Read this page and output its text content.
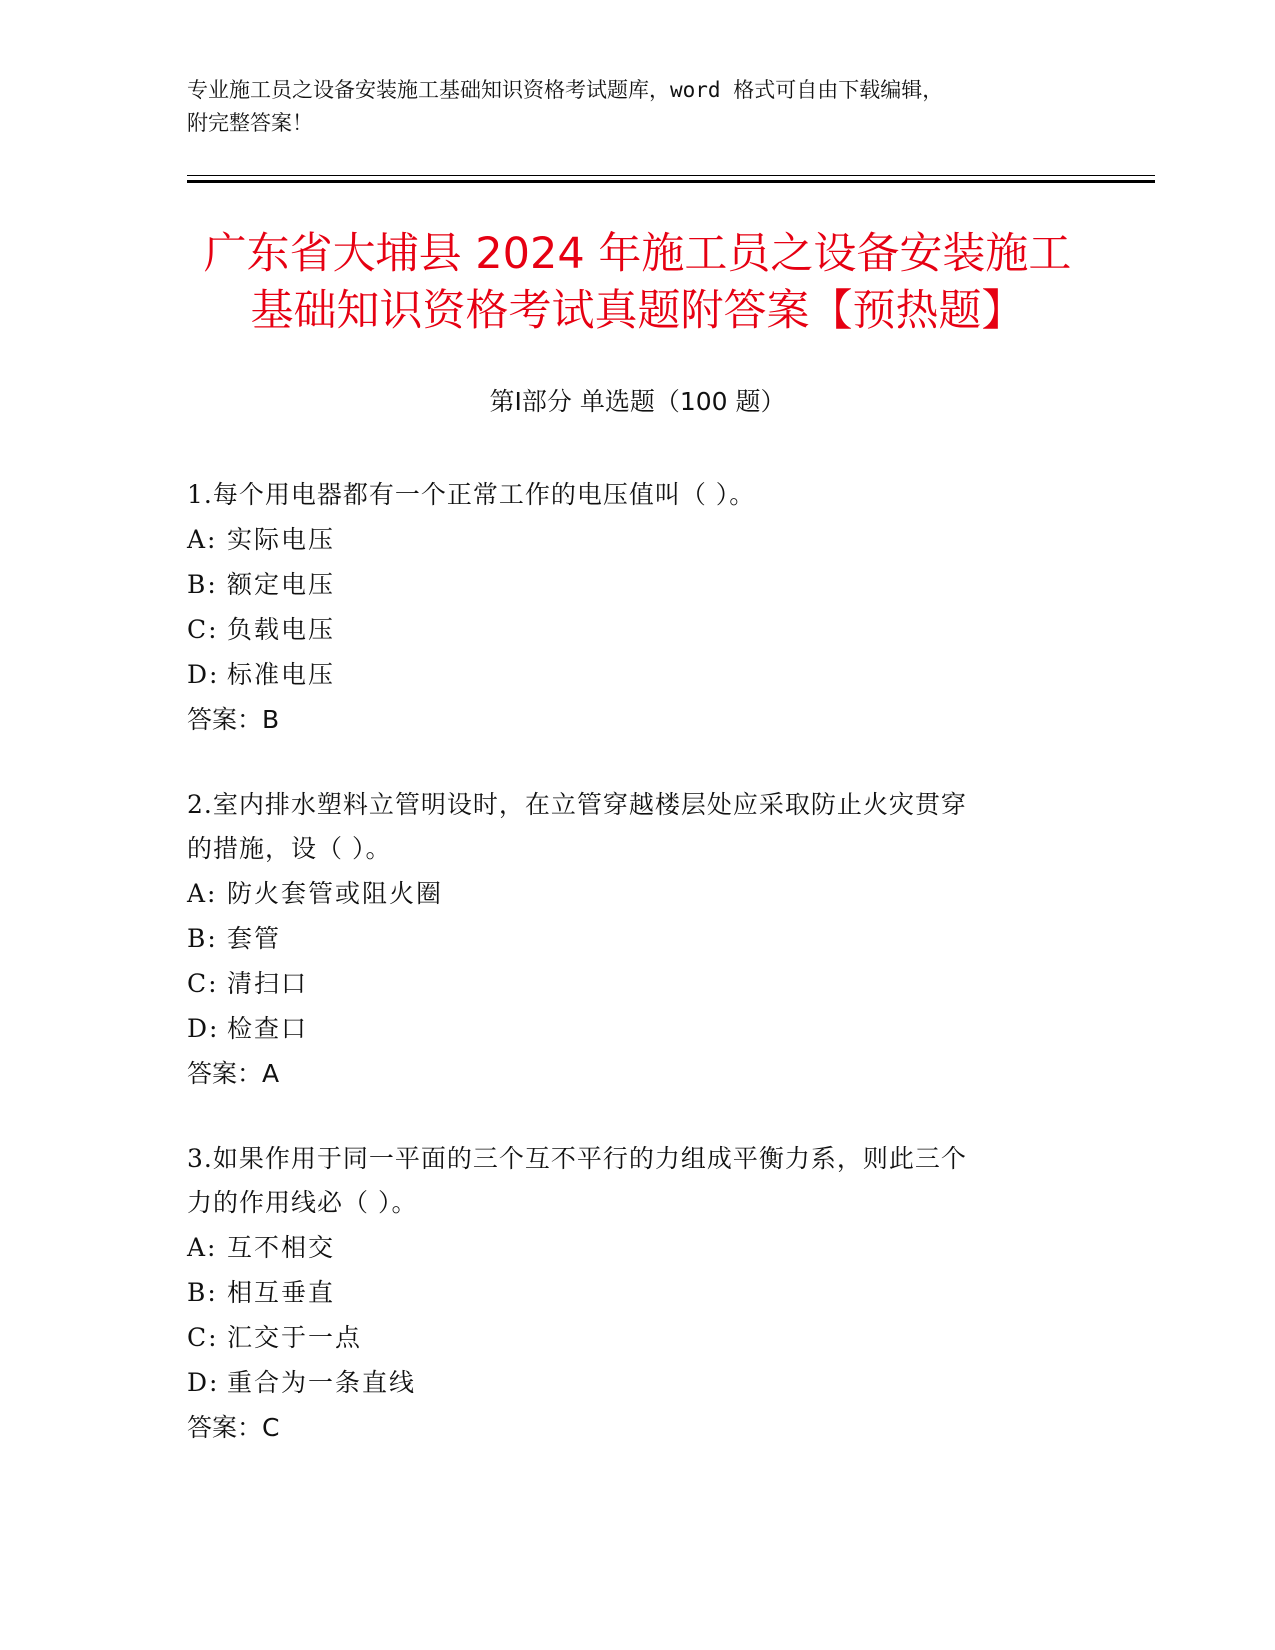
专业施工员之设备安装施工基础知识资格考试题库，word 格式可自由下载编辑，
附完整答案！
广东省大埔县 2024 年施工员之设备安装施工
基础知识资格考试真题附答案【预热题】
第Ⅰ部分 单选题（100 题）

1.每个用电器都有一个正常工作的电压值叫（ ）。

A: 实际电压

B: 额定电压

C: 负载电压

D: 标准电压

答案：B

2.室内排水塑料立管明设时，在立管穿越楼层处应采取防止火灾贯穿

的措施，设（ ）。

A: 防火套管或阻火圈

B: 套管

C: 清扫口

D: 检查口

答案：A

3.如果作用于同一平面的三个互不平行的力组成平衡力系，则此三个

力的作用线必（ ）。

A: 互不相交

B: 相互垂直

C: 汇交于一点

D: 重合为一条直线

答案：C
